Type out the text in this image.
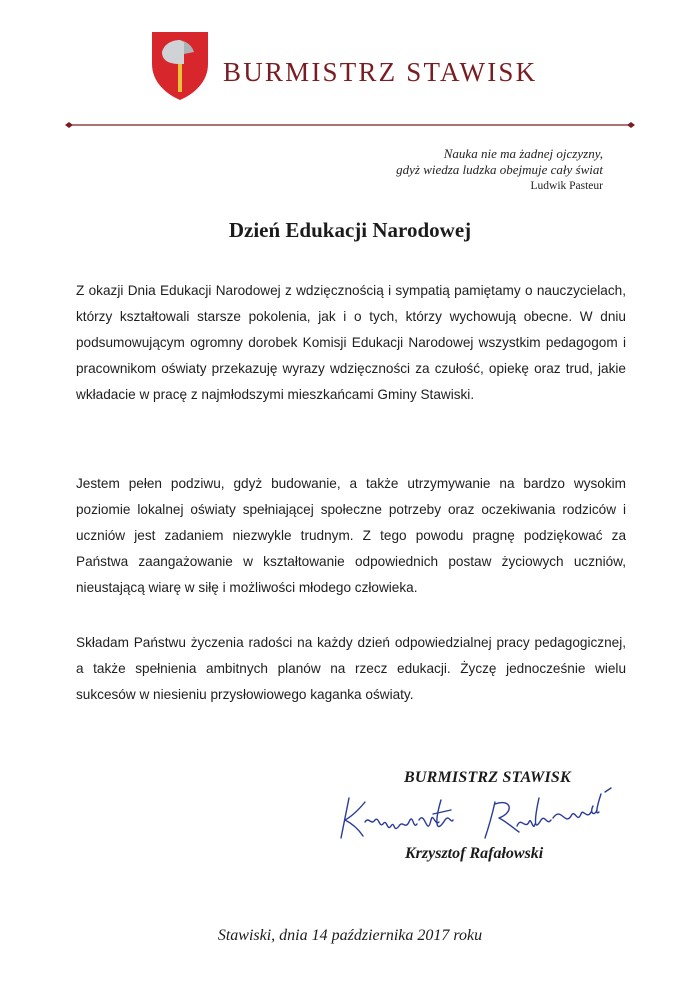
BURMISTRZ STAWISK
Nauka nie ma żadnej ojczyzny,
gdyż wiedza ludzka obejmuje cały świat
Ludwik Pasteur
Dzień Edukacji Narodowej

Z okazji Dnia Edukacji Narodowej z wdzięcznością i sympatią pamiętamy o nauczycielach, którzy kształtowali starsze pokolenia, jak i o tych, którzy wychowują obecne. W dniu podsumowującym ogromny dorobek Komisji Edukacji Narodowej wszystkim pedagogom i pracownikom oświaty przekazuję wyrazy wdzięczności za czułość, opiekę oraz trud, jakie wkładacie w pracę z najmłodszymi mieszkańcami Gminy Stawiski.

Jestem pełen podziwu, gdyż budowanie, a także utrzymywanie na bardzo wysokim poziomie lokalnej oświaty spełniającej społeczne potrzeby oraz oczekiwania rodziców i uczniów jest zadaniem niezwykle trudnym. Z tego powodu pragnę podziękować za Państwa zaangażowanie w kształtowanie odpowiednich postaw życiowych uczniów, nieustającą wiarę w siłę i możliwości młodego człowieka.

Składam Państwu życzenia radości na każdy dzień odpowiedzialnej pracy pedagogicznej, a także spełnienia ambitnych planów na rzecz edukacji. Życzę jednocześnie wielu sukcesów w niesieniu przysłowiowego kaganka oświaty.

BURMISTRZ STAWISK
Krzysztof Rafałowski
Stawiski, dnia 14 października 2017 roku
